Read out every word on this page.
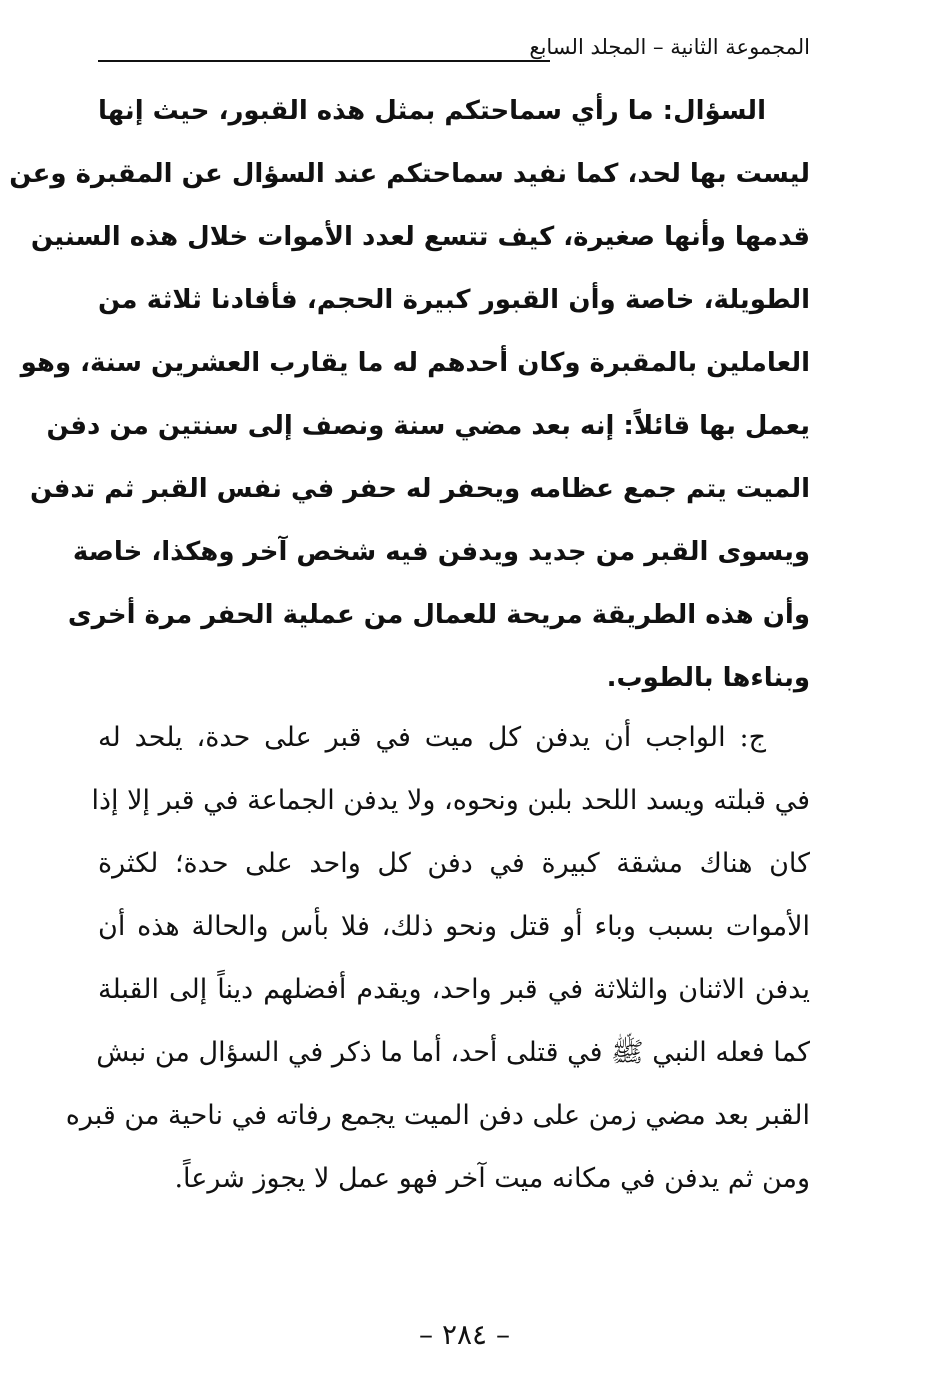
المجموعة الثانية – المجلد السابع
السؤال: ما رأي سماحتكم بمثل هذه القبور، حيث إنها
ليست بها لحد، كما نفيد سماحتكم عند السؤال عن المقبرة وعن
قدمها وأنها صغيرة، كيف تتسع لعدد الأموات خلال هذه السنين
الطويلة، خاصة وأن القبور كبيرة الحجم، فأفادنا ثلاثة من
العاملين بالمقبرة وكان أحدهم له ما يقارب العشرين سنة، وهو
يعمل بها قائلاً: إنه بعد مضي سنة ونصف إلى سنتين من دفن
الميت يتم جمع عظامه ويحفر له حفر في نفس القبر ثم تدفن
ويسوى القبر من جديد ويدفن فيه شخص آخر وهكذا، خاصة
وأن هذه الطريقة مريحة للعمال من عملية الحفر مرة أخرى
وبناءها بالطوب.
ج: الواجب أن يدفن كل ميت في قبر على حدة، يلحد له
في قبلته ويسد اللحد بلبن ونحوه، ولا يدفن الجماعة في قبر إلا إذا
كان هناك مشقة كبيرة في دفن كل واحد على حدة؛ لكثرة
الأموات بسبب وباء أو قتل ونحو ذلك، فلا بأس والحالة هذه أن
يدفن الاثنان والثلاثة في قبر واحد، ويقدم أفضلهم ديناً إلى القبلة
كما فعله النبي ﷺ في قتلى أحد، أما ما ذكر في السؤال من نبش
القبر بعد مضي زمن على دفن الميت يجمع رفاته في ناحية من قبره
ومن ثم يدفن في مكانه ميت آخر فهو عمل لا يجوز شرعاً.
– ٢٨٤ –
